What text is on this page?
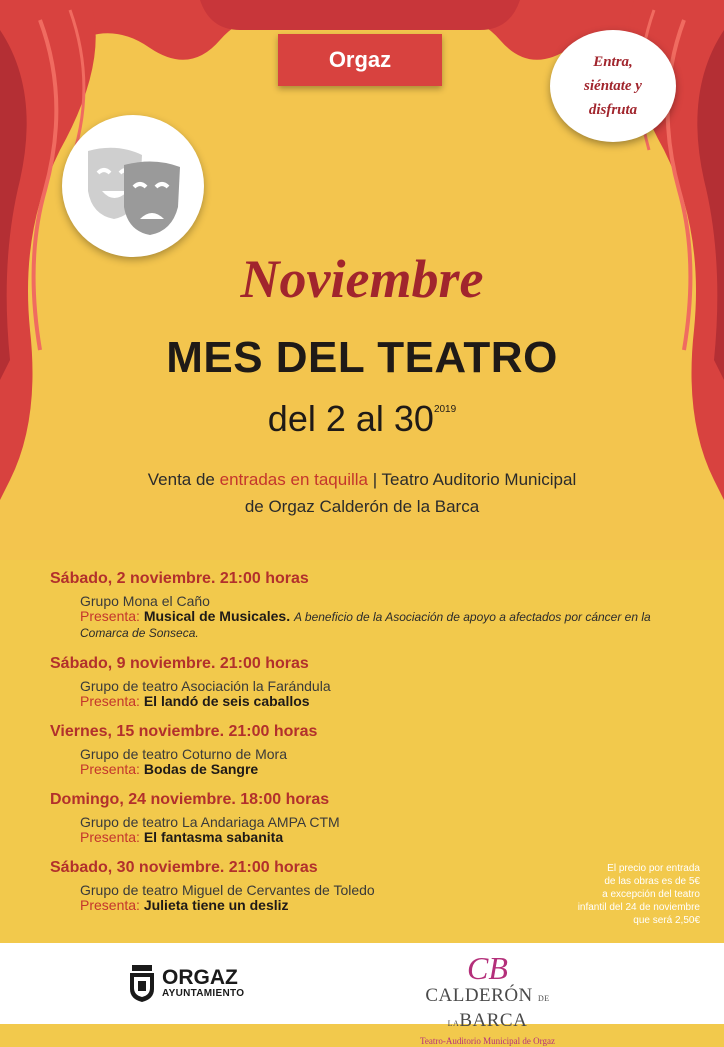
Orgaz	Entra,
siéntate y
disfruta
Noviembre
MES DEL TEATRO
del 2 al $30^{2019}$
Venta de entradas en taquilla | Teatro Auditorio Municipal
de Orgaz Calderón de la Barca
Sábado, 2 noviembre. 21:00 horas
Grupo Mona el Caño
Presenta: Musical de Musicales. A beneficio de la Asociación de apoyo a afectados por cáncer en la Comarca de Sonseca.
Sábado, 9 noviembre. 21:00 horas
Grupo de teatro Asociación la Farándula
Presenta: El landó de seis caballos
Viernes, 15 noviembre. 21:00 horas
Grupo de teatro Coturno de Mora
Presenta: Bodas de Sangre
Domingo, 24 noviembre. 18:00 horas
Grupo de teatro La Andariaga AMPA CTM
Presenta: El fantasma sabanita
Sábado, 30 noviembre. 21:00 horas
Grupo de teatro Miguel de Cervantes de Toledo
Presenta: Julieta tiene un desliz
El precio por entrada
de las obras es de 5€
a excepción del teatro
infantil del 24 de noviembre
que será 2,50€
ORGAZ
AYUNTAMIENTO
CB
CALDERÓN DE LABARCA
Teatro-Auditorio Municipal de Orgaz
